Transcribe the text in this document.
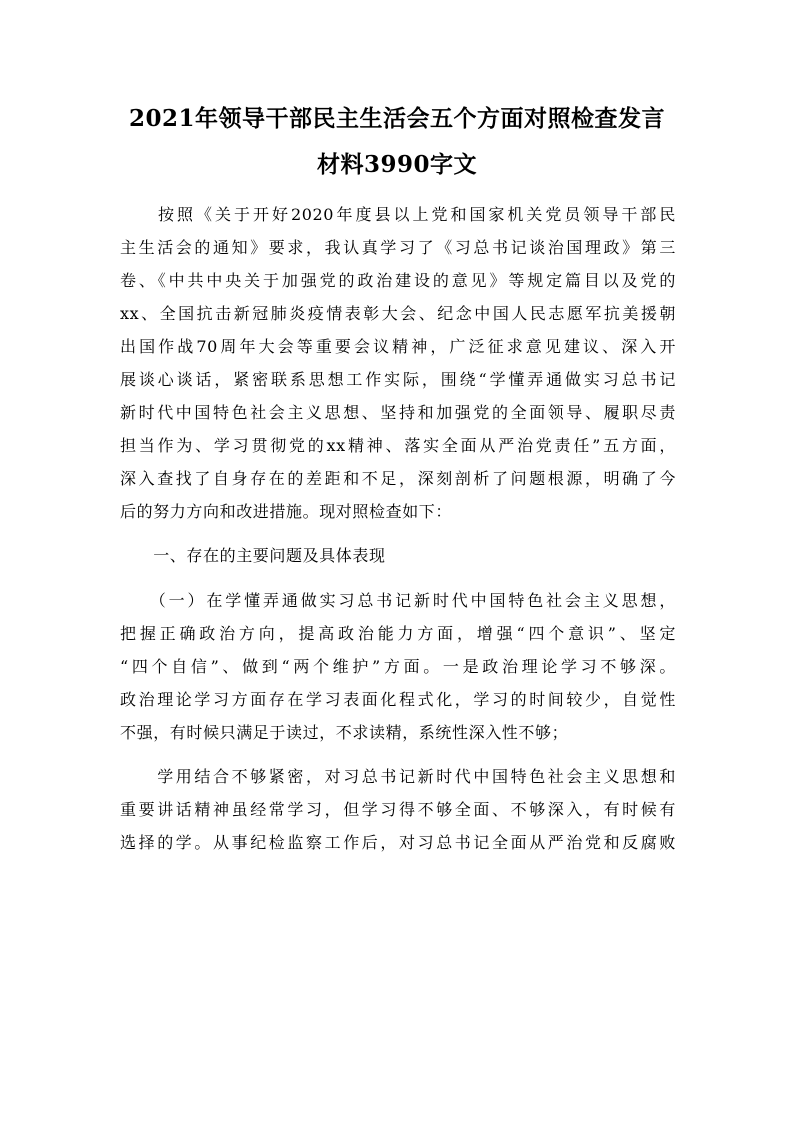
2021年领导干部民主生活会五个方面对照检查发言
材料3990字文
　　按照《关于开好2020年度县以上党和国家机关党员领导干部民
主生活会的通知》要求，我认真学习了《习总书记谈治国理政》第三
卷、《中共中央关于加强党的政治建设的意见》等规定篇目以及党的
xx、全国抗击新冠肺炎疫情表彰大会、纪念中国人民志愿军抗美援朝
出国作战70周年大会等重要会议精神，广泛征求意见建议、深入开
展谈心谈话，紧密联系思想工作实际，围绕“学懂弄通做实习总书记
新时代中国特色社会主义思想、坚持和加强党的全面领导、履职尽责
担当作为、学习贯彻党的xx精神、落实全面从严治党责任”五方面，
深入查找了自身存在的差距和不足，深刻剖析了问题根源，明确了今
后的努力方向和改进措施。现对照检查如下：
　　一、存在的主要问题及具体表现
　　（一）在学懂弄通做实习总书记新时代中国特色社会主义思想，
把握正确政治方向，提高政治能力方面，增强“四个意识”、坚定
“四个自信”、做到“两个维护”方面。一是政治理论学习不够深。
政治理论学习方面存在学习表面化程式化，学习的时间较少，自觉性
不强，有时候只满足于读过，不求读精，系统性深入性不够；
　　学用结合不够紧密，对习总书记新时代中国特色社会主义思想和
重要讲话精神虽经常学习，但学习得不够全面、不够深入，有时候有
选择的学。从事纪检监察工作后，对习总书记全面从严治党和反腐败
